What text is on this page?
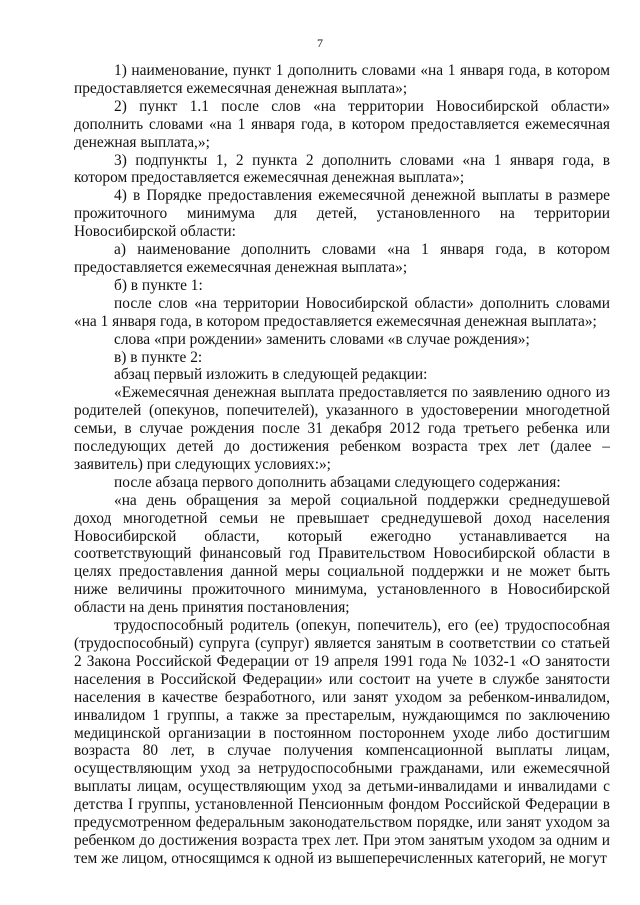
7

1) наименование, пункт 1 дополнить словами «на 1 января года, в котором предоставляется ежемесячная денежная выплата»;

2) пункт 1.1 после слов «на территории Новосибирской области» дополнить словами «на 1 января года, в котором предоставляется ежемесячная денежная выплата,»;

3) подпункты 1, 2 пункта 2 дополнить словами «на 1 января года, в котором предоставляется ежемесячная денежная выплата»;

4) в Порядке предоставления ежемесячной денежной выплаты в размере прожиточного минимума для детей, установленного на территории Новосибирской области:

а) наименование дополнить словами «на 1 января года, в котором предоставляется ежемесячная денежная выплата»;

б) в пункте 1:

после слов «на территории Новосибирской области» дополнить словами «на 1 января года, в котором предоставляется ежемесячная денежная выплата»;

слова «при рождении» заменить словами «в случае рождения»;

в) в пункте 2:

абзац первый изложить в следующей редакции:

«Ежемесячная денежная выплата предоставляется по заявлению одного из родителей (опекунов, попечителей), указанного в удостоверении многодетной семьи, в случае рождения после 31 декабря 2012 года третьего ребенка или последующих детей до достижения ребенком возраста трех лет (далее – заявитель) при следующих условиях:»;

после абзаца первого дополнить абзацами следующего содержания:

«на день обращения за мерой социальной поддержки среднедушевой доход многодетной семьи не превышает среднедушевой доход населения Новосибирской области, который ежегодно устанавливается на соответствующий финансовый год Правительством Новосибирской области в целях предоставления данной меры социальной поддержки и не может быть ниже величины прожиточного минимума, установленного в Новосибирской области на день принятия постановления;

трудоспособный родитель (опекун, попечитель), его (ее) трудоспособная (трудоспособный) супруга (супруг) является занятым в соответствии со статьей 2 Закона Российской Федерации от 19 апреля 1991 года № 1032-1 «О занятости населения в Российской Федерации» или состоит на учете в службе занятости населения в качестве безработного, или занят уходом за ребенком-инвалидом, инвалидом 1 группы, а также за престарелым, нуждающимся по заключению медицинской организации в постоянном постороннем уходе либо достигшим возраста 80 лет, в случае получения компенсационной выплаты лицам, осуществляющим уход за нетрудоспособными гражданами, или ежемесячной выплаты лицам, осуществляющим уход за детьми-инвалидами и инвалидами с детства I группы, установленной Пенсионным фондом Российской Федерации в предусмотренном федеральным законодательством порядке, или занят уходом за ребенком до достижения возраста трех лет. При этом занятым уходом за одним и тем же лицом, относящимся к одной из вышеперечисленных категорий, не могут
